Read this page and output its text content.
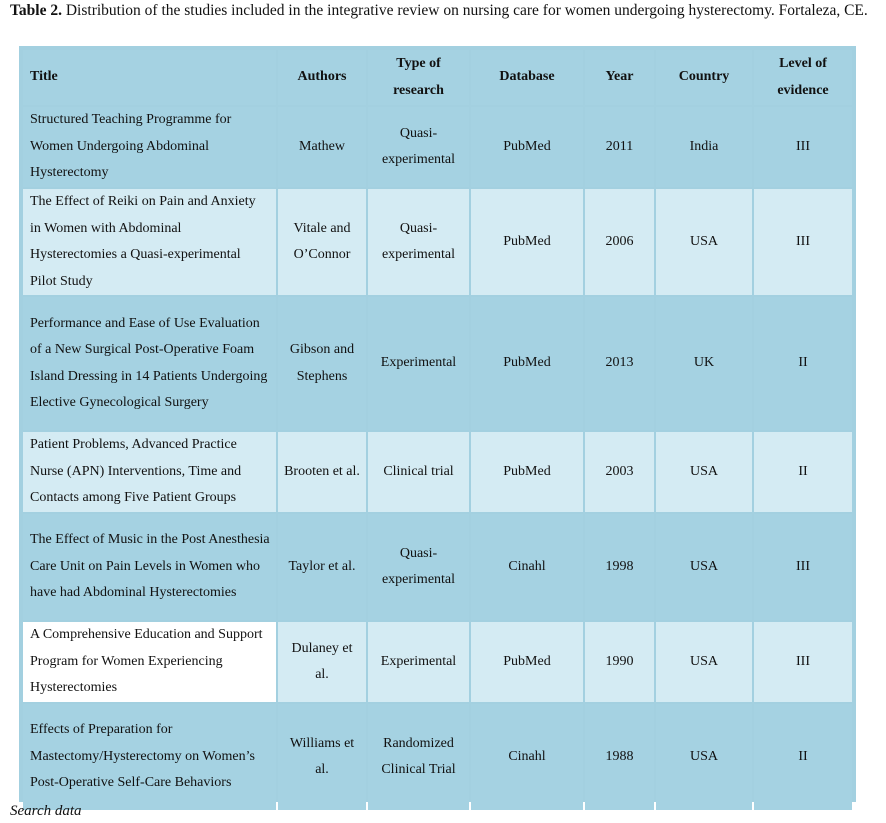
Table 2. Distribution of the studies included in the integrative review on nursing care for women undergoing hysterectomy. Fortaleza, CE.
Title	Authors	Type of research	Database	Year	Country	Level of evidence
Structured Teaching Programme for Women Undergoing Abdominal Hysterectomy	Mathew	Quasi-experimental	PubMed	2011	India	III
The Effect of Reiki on Pain and Anxiety in Women with Abdominal Hysterectomies a Quasi-experimental Pilot Study	Vitale and O’Connor	Quasi-experimental	PubMed	2006	USA	III
Performance and Ease of Use Evaluation of a New Surgical Post-Operative Foam Island Dressing in 14 Patients Undergoing Elective Gynecological Surgery	Gibson and Stephens	Experimental	PubMed	2013	UK	II
Patient Problems, Advanced Practice Nurse (APN) Interventions, Time and Contacts among Five Patient Groups	Brooten et al.	Clinical trial	PubMed	2003	USA	II
The Effect of Music in the Post Anesthesia Care Unit on Pain Levels in Women who have had Abdominal Hysterectomies	Taylor et al.	Quasi-experimental	Cinahl	1998	USA	III
A Comprehensive Education and Support Program for Women Experiencing Hysterectomies	Dulaney et al.	Experimental	PubMed	1990	USA	III
Effects of Preparation for Mastectomy/Hysterectomy on Women’s Post-Operative Self-Care Behaviors	Williams et al.	Randomized Clinical Trial	Cinahl	1988	USA	II
Search data
